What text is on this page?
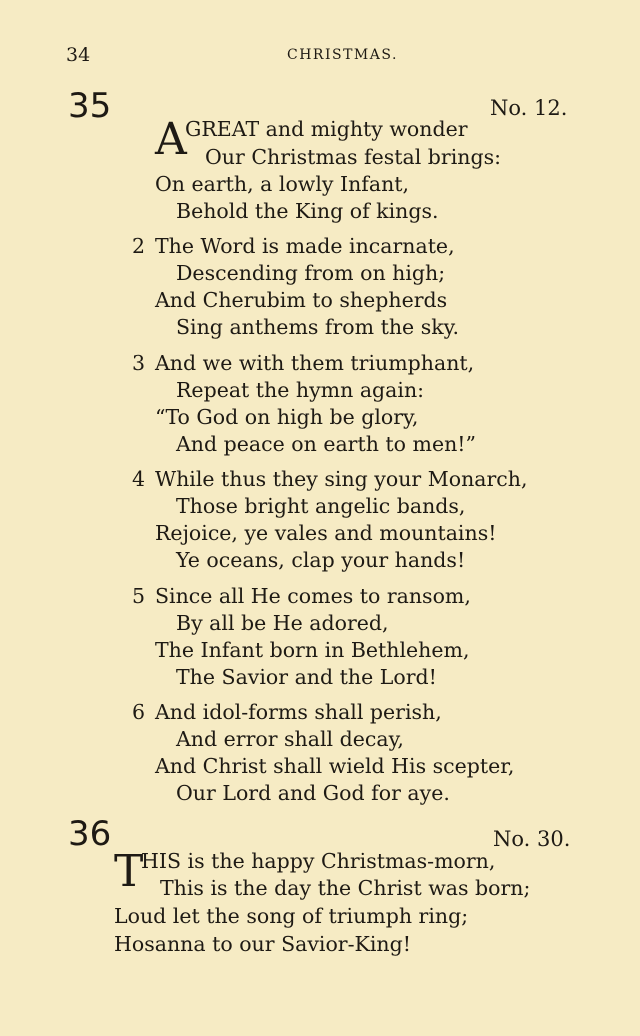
34	CHRISTMAS.
35	No. 12.
A
GREAT and mighty wonder
Our Christmas festal brings:
On earth, a lowly Infant,
Behold the King of kings.
2 The Word is made incarnate,
Descending from on high;
And Cherubim to shepherds
Sing anthems from the sky.
3 And we with them triumphant,
Repeat the hymn again:
“To God on high be glory,
And peace on earth to men!”
4 While thus they sing your Monarch,
Those bright angelic bands,
Rejoice, ye vales and mountains!
Ye oceans, clap your hands!
5 Since all He comes to ransom,
By all be He adored,
The Infant born in Bethlehem,
The Savior and the Lord!
6 And idol-forms shall perish,
And error shall decay,
And Christ shall wield His scepter,
Our Lord and God for aye.
36	No. 30.
T
HIS is the happy Christmas-morn,
This is the day the Christ was born;
Loud let the song of triumph ring;
Hosanna to our Savior-King!
